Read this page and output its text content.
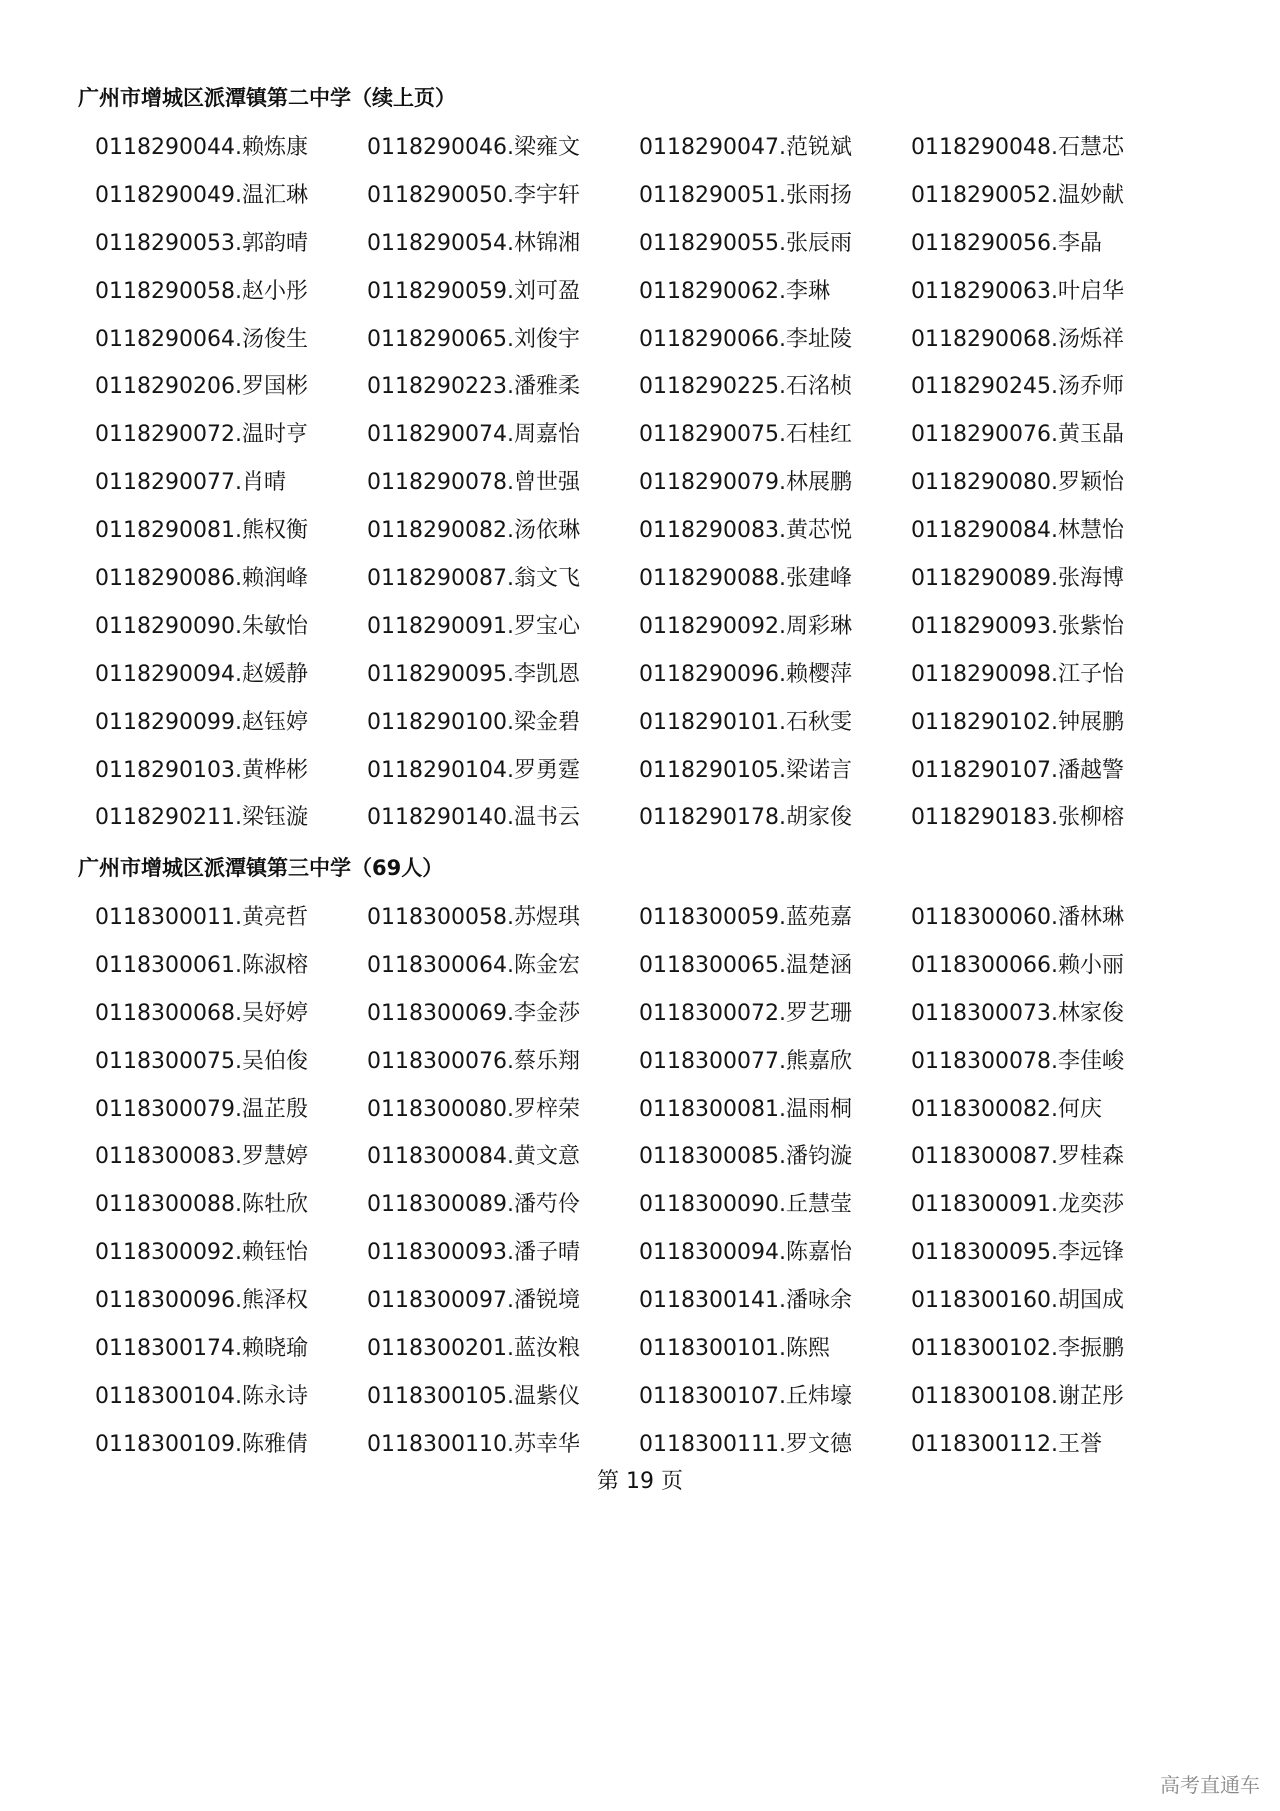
广州市增城区派潭镇第二中学（续上页）
0118290044.赖炼康	0118290046.梁雍文	0118290047.范锐斌	0118290048.石慧芯
0118290049.温汇琳	0118290050.李宇轩	0118290051.张雨扬	0118290052.温妙献
0118290053.郭韵晴	0118290054.林锦湘	0118290055.张辰雨	0118290056.李晶
0118290058.赵小彤	0118290059.刘可盈	0118290062.李琳	0118290063.叶启华
0118290064.汤俊生	0118290065.刘俊宇	0118290066.李址陵	0118290068.汤烁祥
0118290206.罗国彬	0118290223.潘雅柔	0118290225.石洺桢	0118290245.汤乔师
0118290072.温时亨	0118290074.周嘉怡	0118290075.石桂红	0118290076.黄玉晶
0118290077.肖晴	0118290078.曾世强	0118290079.林展鹏	0118290080.罗颖怡
0118290081.熊权衡	0118290082.汤依琳	0118290083.黄芯悦	0118290084.林慧怡
0118290086.赖润峰	0118290087.翁文飞	0118290088.张建峰	0118290089.张海博
0118290090.朱敏怡	0118290091.罗宝心	0118290092.周彩琳	0118290093.张紫怡
0118290094.赵媛静	0118290095.李凯恩	0118290096.赖樱萍	0118290098.江子怡
0118290099.赵钰婷	0118290100.梁金碧	0118290101.石秋雯	0118290102.钟展鹏
0118290103.黄桦彬	0118290104.罗勇霆	0118290105.梁诺言	0118290107.潘越警
0118290211.梁钰漩	0118290140.温书云	0118290178.胡家俊	0118290183.张柳榕
广州市增城区派潭镇第三中学（69人）
0118300011.黄亮哲	0118300058.苏煜琪	0118300059.蓝苑嘉	0118300060.潘林琳
0118300061.陈淑榕	0118300064.陈金宏	0118300065.温楚涵	0118300066.赖小丽
0118300068.吴妤婷	0118300069.李金莎	0118300072.罗艺珊	0118300073.林家俊
0118300075.吴伯俊	0118300076.蔡乐翔	0118300077.熊嘉欣	0118300078.李佳峻
0118300079.温芷殷	0118300080.罗梓荣	0118300081.温雨桐	0118300082.何庆
0118300083.罗慧婷	0118300084.黄文意	0118300085.潘钧漩	0118300087.罗桂森
0118300088.陈牡欣	0118300089.潘芍伶	0118300090.丘慧莹	0118300091.龙奕莎
0118300092.赖钰怡	0118300093.潘子晴	0118300094.陈嘉怡	0118300095.李远锋
0118300096.熊泽权	0118300097.潘锐境	0118300141.潘咏余	0118300160.胡国成
0118300174.赖晓瑜	0118300201.蓝汝粮	0118300101.陈熙	0118300102.李振鹏
0118300104.陈永诗	0118300105.温紫仪	0118300107.丘炜壕	0118300108.谢芷彤
0118300109.陈雅倩	0118300110.苏幸华	0118300111.罗文德	0118300112.王誉
第 19 页
高考直通车
